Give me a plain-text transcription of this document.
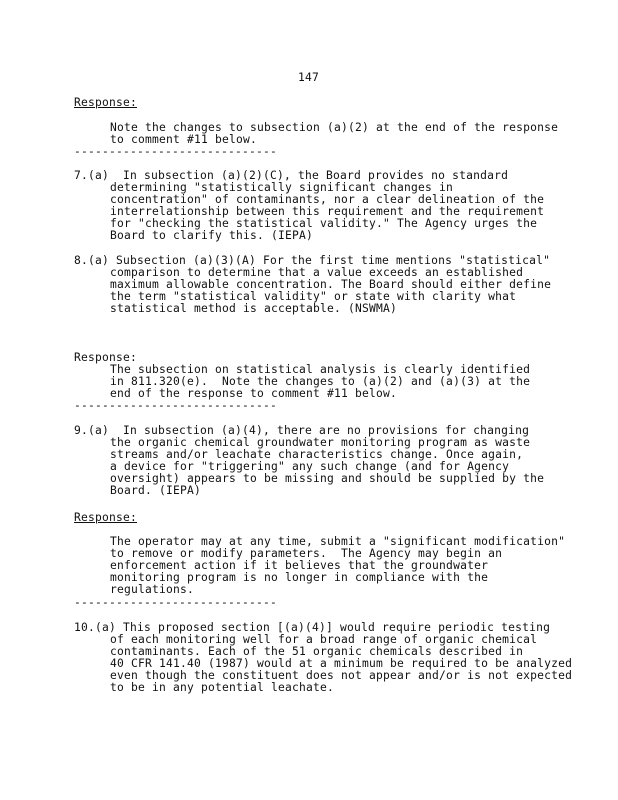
147
Response:
Note the changes to subsection (a)(2) at the end of the response
to comment #11 below.
-----------------------------
7.(a)  In subsection (a)(2)(C), the Board provides no standard
determining "statistically significant changes in
concentration" of contaminants, nor a clear delineation of the
interrelationship between this requirement and the requirement
for "checking the statistical validity." The Agency urges the
Board to clarify this. (IEPA)
8.(a) Subsection (a)(3)(A) For the first time mentions "statistical"
comparison to determine that a value exceeds an established
maximum allowable concentration. The Board should either define
the term "statistical validity" or state with clarity what
statistical method is acceptable. (NSWMA)
Response:
The subsection on statistical analysis is clearly identified
in 811.320(e).  Note the changes to (a)(2) and (a)(3) at the
end of the response to comment #11 below.
-----------------------------
9.(a)  In subsection (a)(4), there are no provisions for changing
the organic chemical groundwater monitoring program as waste
streams and/or leachate characteristics change. Once again,
a device for "triggering" any such change (and for Agency
oversight) appears to be missing and should be supplied by the
Board. (IEPA)
Response:
The operator may at any time, submit a "significant modification"
to remove or modify parameters.  The Agency may begin an
enforcement action if it believes that the groundwater
monitoring program is no longer in compliance with the
regulations.
-----------------------------
10.(a) This proposed section [(a)(4)] would require periodic testing
of each monitoring well for a broad range of organic chemical
contaminants. Each of the 51 organic chemicals described in
40 CFR 141.40 (1987) would at a minimum be required to be analyzed
even though the constituent does not appear and/or is not expected
to be in any potential leachate.
